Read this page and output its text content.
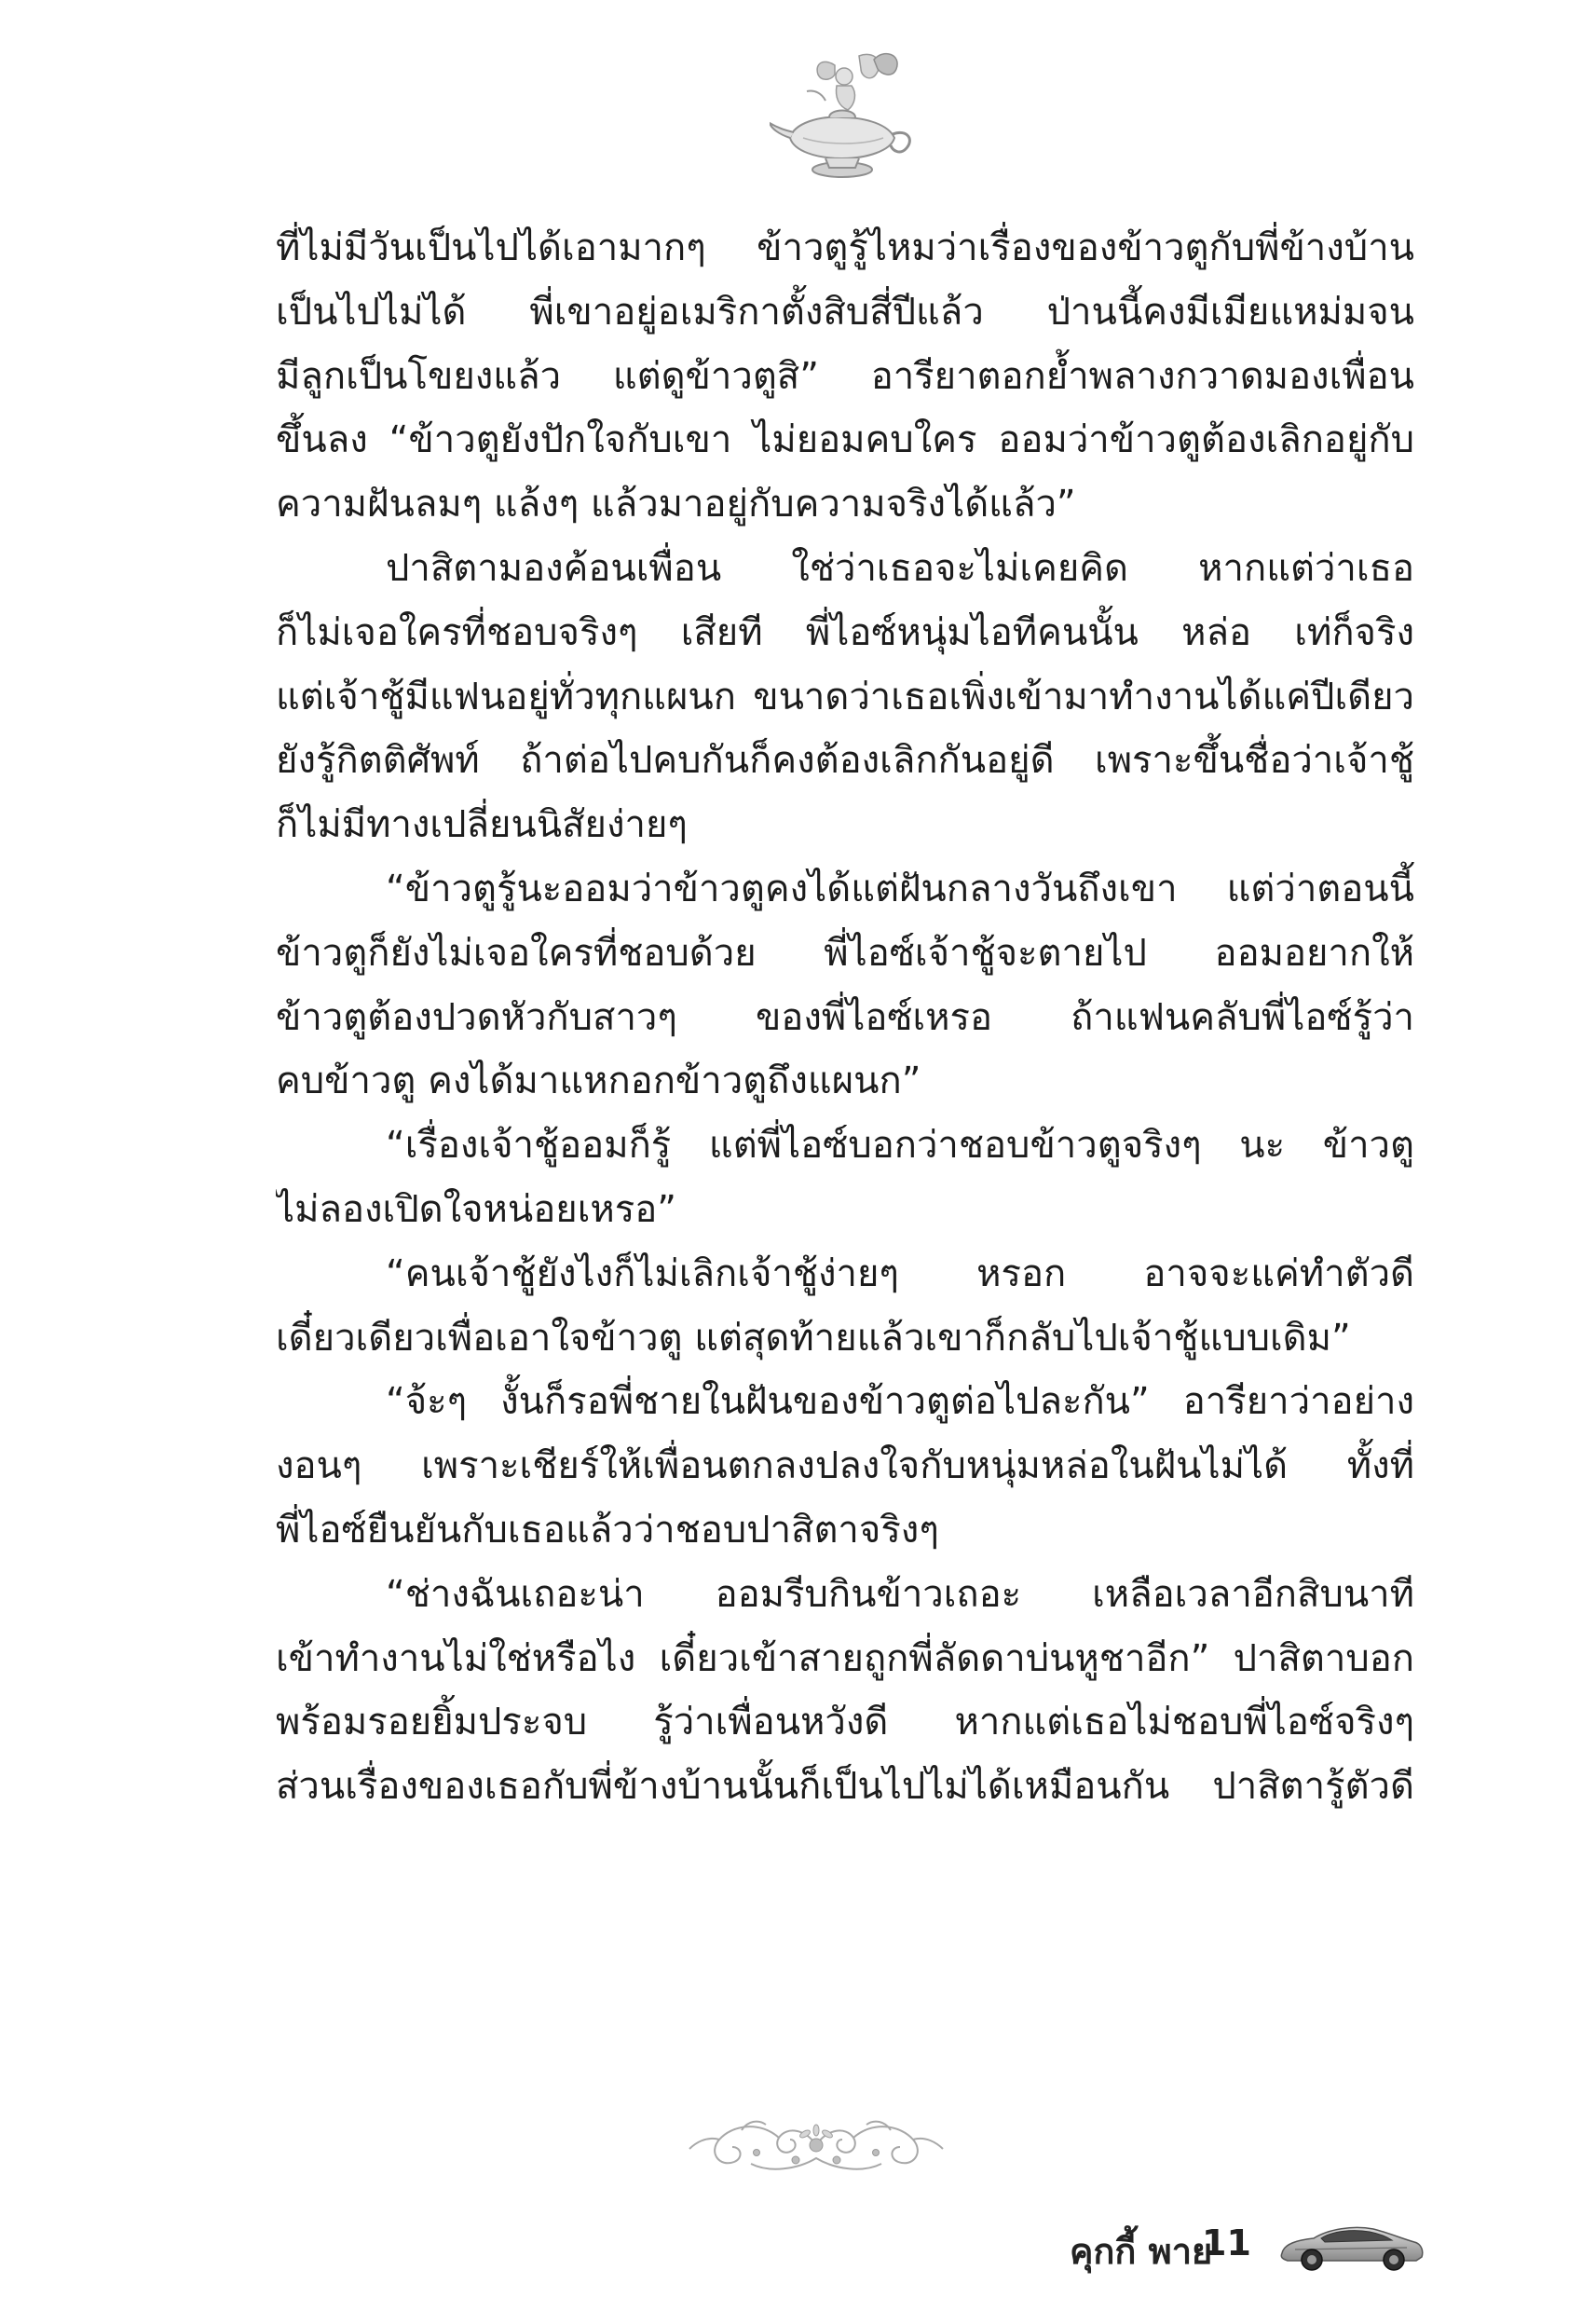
ที่ไม่มีวันเป็นไปได้เอามากๆ ข้าวตูรู้ไหมว่าเรื่องของข้าวตูกับพี่ข้างบ้าน
เป็นไปไม่ได้ พี่เขาอยู่อเมริกาตั้งสิบสี่ปีแล้ว ป่านนี้คงมีเมียแหม่มจน
มีลูกเป็นโขยงแล้ว แต่ดูข้าวตูสิ” อารียาตอกย้ำพลางกวาดมองเพื่อน
ขึ้นลง “ข้าวตูยังปักใจกับเขา ไม่ยอมคบใคร ออมว่าข้าวตูต้องเลิกอยู่กับ
ความฝันลมๆ แล้งๆ แล้วมาอยู่กับความจริงได้แล้ว”
ปาสิตามองค้อนเพื่อน ใช่ว่าเธอจะไม่เคยคิด หากแต่ว่าเธอ
ก็ไม่เจอใครที่ชอบจริงๆ เสียที พี่ไอซ์หนุ่มไอทีคนนั้น หล่อ เท่ก็จริง
แต่เจ้าชู้มีแฟนอยู่ทั่วทุกแผนก ขนาดว่าเธอเพิ่งเข้ามาทำงานได้แค่ปีเดียว
ยังรู้กิตติศัพท์ ถ้าต่อไปคบกันก็คงต้องเลิกกันอยู่ดี เพราะขึ้นชื่อว่าเจ้าชู้
ก็ไม่มีทางเปลี่ยนนิสัยง่ายๆ
“ข้าวตูรู้นะออมว่าข้าวตูคงได้แต่ฝันกลางวันถึงเขา แต่ว่าตอนนี้
ข้าวตูก็ยังไม่เจอใครที่ชอบด้วย พี่ไอซ์เจ้าชู้จะตายไป ออมอยากให้
ข้าวตูต้องปวดหัวกับสาวๆ ของพี่ไอซ์เหรอ ถ้าแฟนคลับพี่ไอซ์รู้ว่า
คบข้าวตู คงได้มาแหกอกข้าวตูถึงแผนก”
“เรื่องเจ้าชู้ออมก็รู้ แต่พี่ไอซ์บอกว่าชอบข้าวตูจริงๆ นะ ข้าวตู
ไม่ลองเปิดใจหน่อยเหรอ”
“คนเจ้าชู้ยังไงก็ไม่เลิกเจ้าชู้ง่ายๆ หรอก อาจจะแค่ทำตัวดี
เดี๋ยวเดียวเพื่อเอาใจข้าวตู แต่สุดท้ายแล้วเขาก็กลับไปเจ้าชู้แบบเดิม”
“จ้ะๆ งั้นก็รอพี่ชายในฝันของข้าวตูต่อไปละกัน” อารียาว่าอย่าง
งอนๆ เพราะเชียร์ให้เพื่อนตกลงปลงใจกับหนุ่มหล่อในฝันไม่ได้ ทั้งที่
พี่ไอซ์ยืนยันกับเธอแล้วว่าชอบปาสิตาจริงๆ
“ช่างฉันเถอะน่า ออมรีบกินข้าวเถอะ เหลือเวลาอีกสิบนาที
เข้าทำงานไม่ใช่หรือไง เดี๋ยวเข้าสายถูกพี่ลัดดาบ่นหูชาอีก” ปาสิตาบอก
พร้อมรอยยิ้มประจบ รู้ว่าเพื่อนหวังดี หากแต่เธอไม่ชอบพี่ไอซ์จริงๆ
ส่วนเรื่องของเธอกับพี่ข้างบ้านนั้นก็เป็นไปไม่ได้เหมือนกัน ปาสิตารู้ตัวดี
คุกกี้ พาย
11
